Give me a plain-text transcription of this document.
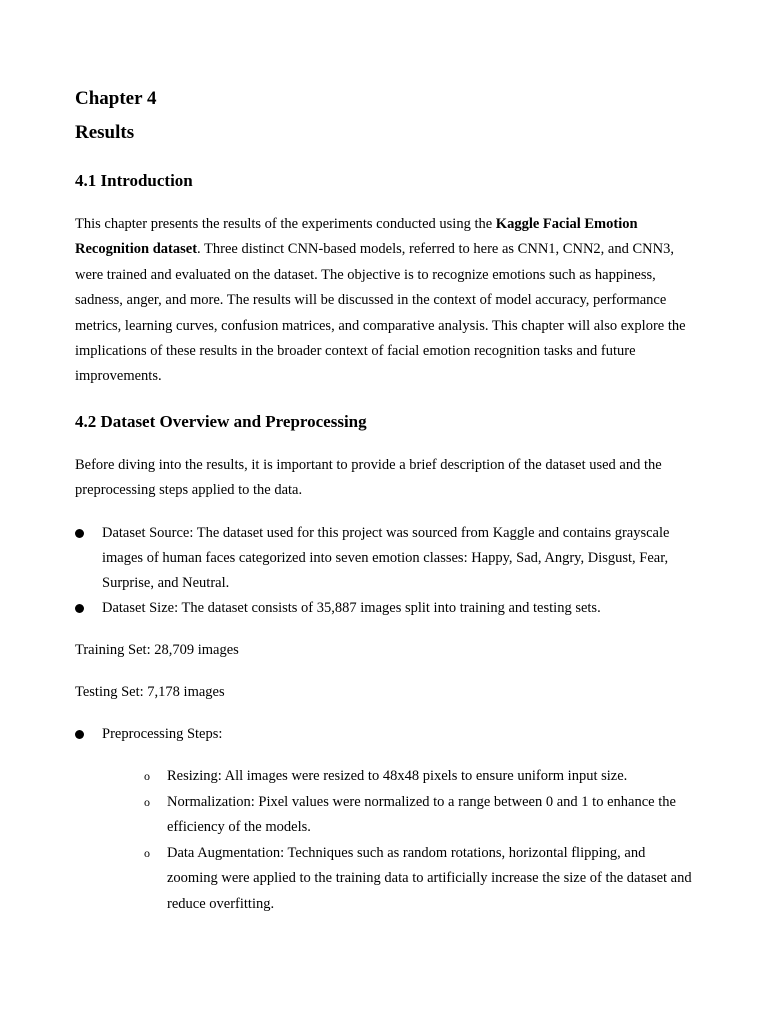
Chapter 4
Results
4.1 Introduction

This chapter presents the results of the experiments conducted using the Kaggle Facial Emotion Recognition dataset. Three distinct CNN-based models, referred to here as CNN1, CNN2, and CNN3, were trained and evaluated on the dataset. The objective is to recognize emotions such as happiness, sadness, anger, and more. The results will be discussed in the context of model accuracy, performance metrics, learning curves, confusion matrices, and comparative analysis. This chapter will also explore the implications of these results in the broader context of facial emotion recognition tasks and future improvements.

4.2 Dataset Overview and Preprocessing

Before diving into the results, it is important to provide a brief description of the dataset used and the preprocessing steps applied to the data.

Dataset Source: The dataset used for this project was sourced from Kaggle and contains grayscale images of human faces categorized into seven emotion classes: Happy, Sad, Angry, Disgust, Fear, Surprise, and Neutral.
Dataset Size: The dataset consists of 35,887 images split into training and testing sets.

Training Set: 28,709 images

Testing Set: 7,178 images

Preprocessing Steps:
o Resizing: All images were resized to 48x48 pixels to ensure uniform input size.
o Normalization: Pixel values were normalized to a range between 0 and 1 to enhance the efficiency of the models.
o Data Augmentation: Techniques such as random rotations, horizontal flipping, and zooming were applied to the training data to artificially increase the size of the dataset and reduce overfitting.
